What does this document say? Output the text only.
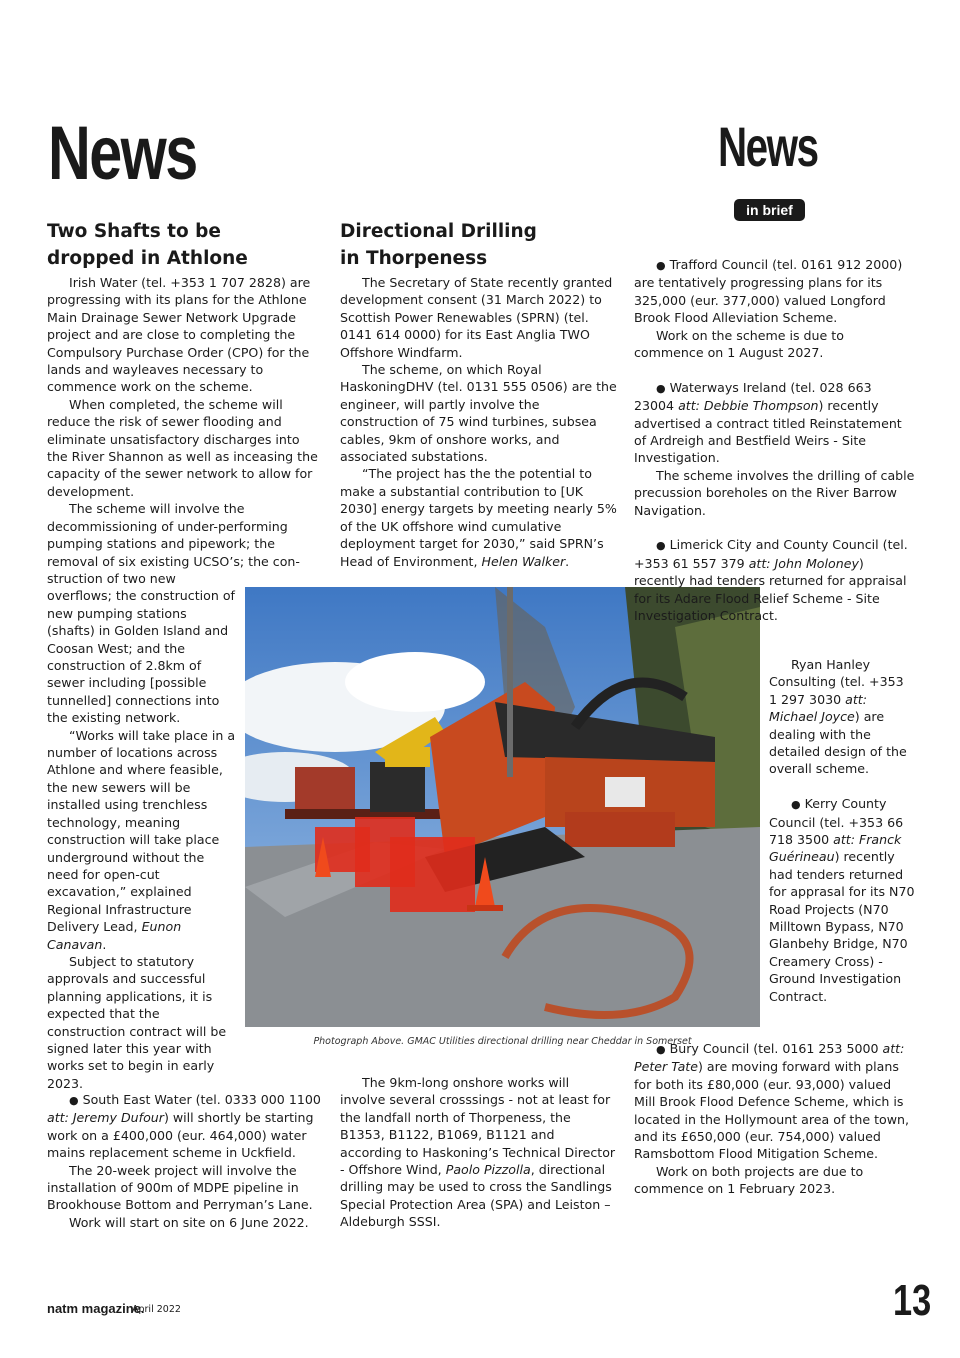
News	News
in brief
Two Shafts to be
dropped in Athlone

Irish Water (tel. +353 1 707 2828) are progressing with its plans for the Athlone Main Drainage Sewer Network Upgrade project and are close to completing the Compulsory Purchase Order (CPO) for the lands and wayleaves necessary to commence work on the scheme.

When completed, the scheme will reduce the risk of sewer flooding and eliminate unsatisfactory discharges into the River Shannon as well as inceasing the capacity of the sewer network to allow for development.

The scheme will involve the decommissioning of under-performing pumping stations and pipework; the removal of six existing UCSO’s; the con-

struction of two new overflows; the construction of new pumping stations (shafts) in Golden Island and Coosan West; and the construction of 2.8km of sewer including [possible tunnelled] connections into the existing network.

“Works will take place in a number of locations across Athlone and where feasible, the new sewers will be installed using trenchless technology, meaning construction will take place underground without the need for open-cut excavation,” explained Regional Infrastructure Delivery Lead, Eunon Canavan.

Subject to statutory approvals and successful planning applications, it is expected that the construction contract will be signed later this year with works set to begin in early 2023.

● South East Water (tel. 0333 000 1100 att: Jeremy Dufour) will shortly be starting work on a £400,000 (eur. 464,000) water mains replacement scheme in Uckfield.

The 20-week project will involve the installation of 900m of MDPE pipeline in Brookhouse Bottom and Perryman’s Lane.

Work will start on site on 6 June 2022.

Directional Drilling
in Thorpeness

The Secretary of State recently granted development consent (31 March 2022) to Scottish Power Renewables (SPRN) (tel. 0141 614 0000) for its East Anglia TWO Offshore Windfarm.

The scheme, on which Royal HaskoningDHV (tel. 0131 555 0506) are the engineer, will partly involve the construction of 75 wind turbines, subsea cables, 9km of onshore works, and associated substations.

“The project has the the potential to make a substantial contribution to [UK 2030] energy targets by meeting nearly 5% of the UK offshore wind cumulative deployment target for 2030,” said SPRN’s Head of Environment, Helen Walker.

Photograph Above. GMAC Utilities directional drilling near Cheddar in Somerset

The 9km-long onshore works will involve several crosssings - not at least for the landfall north of Thorpeness, the B1353, B1122, B1069, B1121 and according to Haskoning’s Technical Director - Offshore Wind, Paolo Pizzolla, directional drilling may be used to cross the Sandlings Special Protection Area (SPA) and Leiston – Aldeburgh SSSI.

● Trafford Council (tel. 0161 912 2000) are tentatively progressing plans for its 325,000 (eur. 377,000) valued Longford Brook Flood Alleviation Scheme.

Work on the scheme is due to commence on 1 August 2027.

● Waterways Ireland (tel. 028 663 23004 att: Debbie Thompson) recently advertised a contract titled Reinstatement of Ardreigh and Bestfield Weirs - Site Investigation.

The scheme involves the drilling of cable precussion boreholes on the River Barrow Navigation.

● Limerick City and County Council (tel. +353 61 557 379 att: John Moloney) recently had tenders returned for appraisal for its Adare Flood Relief Scheme - Site Investigation Contract.

Ryan Hanley Consulting (tel. +353 1 297 3030 att: Michael Joyce) are dealing with the detailed design of the overall scheme.

● Kerry County Council (tel. +353 66 718 3500 att: Franck Guérineau) recently had tenders returned for apprasal for its N70 Road Projects (N70 Milltown Bypass, N70 Glanbehy Bridge, N70 Creamery Cross) - Ground Investigation Contract.

● Bury Council (tel. 0161 253 5000 att: Peter Tate) are moving forward with plans for both its £80,000 (eur. 93,000) valued Mill Brook Flood Defence Scheme, which is located in the Hollymount area of the town, and its £650,000 (eur. 754,000) valued Ramsbottom Flood Mitigation Scheme.

Work on both projects are due to commence on 1 February 2023.

natm magazine.
April 2022	13
